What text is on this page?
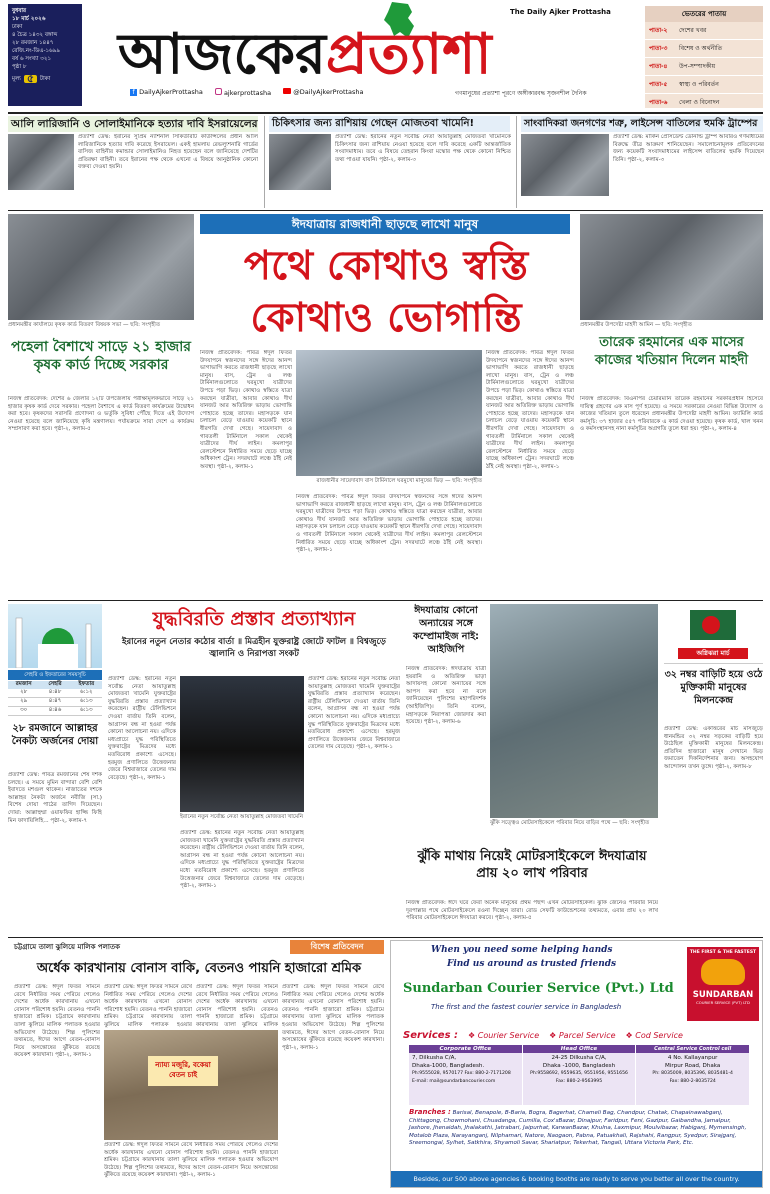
বুধবার
১৮ মার্চ ২০২৬
ঢাকা
৪ চৈত্র ১৪৩২ বঙ্গাব্দ
২৮ রমজান ১৪৪৭
রেজি.নং-ডিএ-১৬৯৯
বর্ষ ৬ সংখ্যা ৩২১
পৃষ্ঠা ৮
মূল্য ৫	টাকা আজকেরপ্রত্যাশা
The Daily Ajker Prottasha
f DailyAjkerProttasha	ajkerprottasha	@DailyAjkerProttasha	গণমানুষের প্রত্যাশা পূরণে অঙ্গীকারবদ্ধ সৃজনশীল দৈনিক
ভেতরের পাতায়
পাতা-২	দেশের খবর
পাতা-৩	বিশেষ ও অর্থনীতি
পাতা-৪	উপ-সম্পাদকীয়
পাতা-৫	স্বাস্থ্য ও পরিবর্তন
পাতা-৬	খেলা ও বিনোদন
আলি লারিজানি ও সোলাইমানিকে হত্যার দাবি ইসরায়েলের
প্রত্যাশা ডেস্ক: ইরানের সুপ্রিম ন্যাশনাল সিকিউরিটি কাউন্সিলের প্রধান আলি লারিজানিকে হত্যার দাবি করেছে ইসরায়েল। একই হামলায় রেভল্যুশনারি গার্ডের বাসিজ বাহিনীর কমান্ডার সোলাইমানিও নিহত হয়েছেন বলে জানিয়েছে দেশটির প্রতিরক্ষা বাহিনী। তবে ইরানের পক্ষ থেকে এখনো এ বিষয়ে আনুষ্ঠানিক কোনো বক্তব্য দেওয়া হয়নি।
চিকিৎসার জন্য রাশিয়ায় গেছেন মোজতবা খামেনি!
প্রত্যাশা ডেস্ক: ইরানের নতুন সর্বোচ্চ নেতা আয়াতুল্লাহ মোজতবা খামেনিকে চিকিৎসার জন্য রাশিয়ায় নেওয়া হয়েছে বলে দাবি করেছে একটি আন্তর্জাতিক সংবাদমাধ্যম। তবে এ বিষয়ে তেহরান কিংবা মস্কোর পক্ষ থেকে কোনো নিশ্চিত তথ্য পাওয়া যায়নি। পৃষ্ঠা-২, কলাম-৩
সাংবাদিকরা জনগণের শত্রু, লাইসেন্স বাতিলের হুমকি ট্রাম্পের
প্রত্যাশা ডেস্ক: মার্কিন প্রেসিডেন্ট ডোনাল্ড ট্রাম্প আবারও গণমাধ্যমের বিরুদ্ধে তীব্র আক্রমণ শানিয়েছেন। সমালোচনামূলক প্রতিবেদনের জন্য কয়েকটি সংবাদমাধ্যমের লাইসেন্স বাতিলের হুমকি দিয়েছেন তিনি। পৃষ্ঠা-২, কলাম-৩
ঈদযাত্রায় রাজধানী ছাড়ছে লাখো মানুষ
পথে কোথাও স্বস্তি
কোথাও ভোগান্তি
প্রধানমন্ত্রীর কার্যালয়ে কৃষক কার্ড বিতরণ বিষয়ক সভা — ছবি: সংগৃহীত
পহেলা বৈশাখে সাড়ে ২১ হাজার কৃষক কার্ড দিচ্ছে সরকার
নিজস্ব প্রতিবেদক: দেশের ৬ জেলার ১২টি উপজেলায় পরীক্ষামূলকভাবে সাড়ে ২১ হাজার কৃষক কার্ড দেবে সরকার। পহেলা বৈশাখে এ কার্ড বিতরণ কার্যক্রমের উদ্বোধন করা হবে। কৃষকদের সরাসরি প্রণোদনা ও ভর্তুকি সুবিধা পৌঁছে দিতে এই উদ্যোগ নেওয়া হয়েছে বলে জানিয়েছে কৃষি মন্ত্রণালয়। পর্যায়ক্রমে সারা দেশে এ কার্যক্রম সম্প্রসারণ করা হবে। পৃষ্ঠা-২, কলাম-৫
নিজস্ব প্রতিবেদক: পবিত্র ঈদুল ফিতর উদযাপনে স্বজনদের সঙ্গে ঈদের আনন্দ ভাগাভাগি করতে রাজধানী ছাড়ছে লাখো মানুষ। বাস, ট্রেন ও লঞ্চ টার্মিনালগুলোতে ঘরমুখো যাত্রীদের উপচে পড়া ভিড়। কোথাও স্বস্তিতে যাত্রা করছেন যাত্রীরা, আবার কোথাও দীর্ঘ যানজট আর অতিরিক্ত ভাড়ায় ভোগান্তি পোহাতে হচ্ছে তাদের। মহাসড়কে যান চলাচল বেড়ে যাওয়ায় কয়েকটি স্থানে ধীরগতি দেখা গেছে। সায়েদাবাদ ও গাবতলী টার্মিনালে সকাল থেকেই যাত্রীদের দীর্ঘ লাইন। কমলাপুর রেলস্টেশনে নির্ধারিত সময়ে ছেড়ে যাচ্ছে অধিকাংশ ট্রেন। সদরঘাটে লঞ্চে ঠাঁই নেই অবস্থা। পৃষ্ঠা-২, কলাম-১
রাজধানীর সায়েদাবাদ বাস টার্মিনালে ঘরমুখো মানুষের ভিড় — ছবি: সংগৃহীত
নিজস্ব প্রতিবেদক: পবিত্র ঈদুল ফিতর উদযাপনে স্বজনদের সঙ্গে ঈদের আনন্দ ভাগাভাগি করতে রাজধানী ছাড়ছে লাখো মানুষ। বাস, ট্রেন ও লঞ্চ টার্মিনালগুলোতে ঘরমুখো যাত্রীদের উপচে পড়া ভিড়। কোথাও স্বস্তিতে যাত্রা করছেন যাত্রীরা, আবার কোথাও দীর্ঘ যানজট আর অতিরিক্ত ভাড়ায় ভোগান্তি পোহাতে হচ্ছে তাদের। মহাসড়কে যান চলাচল বেড়ে যাওয়ায় কয়েকটি স্থানে ধীরগতি দেখা গেছে। সায়েদাবাদ ও গাবতলী টার্মিনালে সকাল থেকেই যাত্রীদের দীর্ঘ লাইন। কমলাপুর রেলস্টেশনে নির্ধারিত সময়ে ছেড়ে যাচ্ছে অধিকাংশ ট্রেন। সদরঘাটে লঞ্চে ঠাঁই নেই অবস্থা। পৃষ্ঠা-২, কলাম-১
নিজস্ব প্রতিবেদক: পবিত্র ঈদুল ফিতর উদযাপনে স্বজনদের সঙ্গে ঈদের আনন্দ ভাগাভাগি করতে রাজধানী ছাড়ছে লাখো মানুষ। বাস, ট্রেন ও লঞ্চ টার্মিনালগুলোতে ঘরমুখো যাত্রীদের উপচে পড়া ভিড়। কোথাও স্বস্তিতে যাত্রা করছেন যাত্রীরা, আবার কোথাও দীর্ঘ যানজট আর অতিরিক্ত ভাড়ায় ভোগান্তি পোহাতে হচ্ছে তাদের। মহাসড়কে যান চলাচল বেড়ে যাওয়ায় কয়েকটি স্থানে ধীরগতি দেখা গেছে। সায়েদাবাদ ও গাবতলী টার্মিনালে সকাল থেকেই যাত্রীদের দীর্ঘ লাইন। কমলাপুর রেলস্টেশনে নির্ধারিত সময়ে ছেড়ে যাচ্ছে অধিকাংশ ট্রেন। সদরঘাটে লঞ্চে ঠাঁই নেই অবস্থা। পৃষ্ঠা-২, কলাম-১
প্রধানমন্ত্রীর উপদেষ্টা মাহদী আমিন — ছবি: সংগৃহীত
তারেক রহমানের এক মাসের কাজের খতিয়ান দিলেন মাহদী
নিজস্ব প্রতিবেদক: বিএনপির চেয়ারম্যান তারেক রহমানের সরকারপ্রধান হিসেবে দায়িত্ব গ্রহণের এক মাস পূর্ণ হয়েছে। এ সময়ে সরকারের নেওয়া বিভিন্ন উদ্যোগ ও কাজের খতিয়ান তুলে ধরেছেন প্রধানমন্ত্রীর উপদেষ্টা মাহদী আমিন। ফ্যামিলি কার্ড কর্মসূচি: ৩৭ হাজার ৫৫৭ পরিবারকে এ কার্ড দেওয়া হয়েছে। কৃষক কার্ড, খাল খনন ও কর্মসংস্থানসহ নানা কর্মসূচির অগ্রগতি তুলে ধরা হয়। পৃষ্ঠা-২, কলাম-৪
সেহরি ও ইফতারের সময়সূচি
রমজান	সেহরি	ইফতার
২৮	৪:৪৮	৬:১২
২৯	৪:৪৭	৬:১৩
৩০	৪:৪৬	৬:১৩
২৮ রমজানে আল্লাহর নৈকট্য অর্জনের দোয়া
প্রত্যাশা ডেস্ক: পবিত্র রমজানের শেষ দশক চলছে। এ সময়ে মুমিন বান্দারা বেশি বেশি ইবাদতে মশগুল থাকেন। নাজাতের দশকে আল্লাহর নৈকট্য অর্জনে নবীজি (সা.) বিশেষ দোয়া পাঠের তাগিদ দিয়েছেন। দোয়া: আল্লাহুম্মা ওয়াফফির হাজ্জি ফিহি মিন ফাদায়িলিহি... পৃষ্ঠা-২, কলাম-৭
যুদ্ধবিরতি প্রস্তাব প্রত্যাখ্যান
ইরানের নতুন নেতার কঠোর বার্তা ॥ মিত্রহীন যুক্তরাষ্ট্র জোটে ফাটল ॥ বিশ্বজুড়ে জ্বালানি ও নিরাপত্তা সংকট
প্রত্যাশা ডেস্ক: ইরানের নতুন সর্বোচ্চ নেতা আয়াতুল্লাহ মোজতবা খামেনি যুক্তরাষ্ট্রের যুদ্ধবিরতি প্রস্তাব প্রত্যাখ্যান করেছেন। রাষ্ট্রীয় টেলিভিশনে দেওয়া বার্তায় তিনি বলেন, আগ্রাসন বন্ধ না হওয়া পর্যন্ত কোনো আলোচনা নয়। এদিকে মধ্যপ্রাচ্যে যুদ্ধ পরিস্থিতিতে যুক্তরাষ্ট্রের মিত্রদের মধ্যে মতবিরোধ প্রকাশ্যে এসেছে। হরমুজ প্রণালিতে উত্তেজনার জেরে বিশ্ববাজারে তেলের দাম বেড়েছে। পৃষ্ঠা-২, কলাম-১
ইরানের নতুন সর্বোচ্চ নেতা আয়াতুল্লাহ মোজতবা খামেনি
প্রত্যাশা ডেস্ক: ইরানের নতুন সর্বোচ্চ নেতা আয়াতুল্লাহ মোজতবা খামেনি যুক্তরাষ্ট্রের যুদ্ধবিরতি প্রস্তাব প্রত্যাখ্যান করেছেন। রাষ্ট্রীয় টেলিভিশনে দেওয়া বার্তায় তিনি বলেন, আগ্রাসন বন্ধ না হওয়া পর্যন্ত কোনো আলোচনা নয়। এদিকে মধ্যপ্রাচ্যে যুদ্ধ পরিস্থিতিতে যুক্তরাষ্ট্রের মিত্রদের মধ্যে মতবিরোধ প্রকাশ্যে এসেছে। হরমুজ প্রণালিতে উত্তেজনার জেরে বিশ্ববাজারে তেলের দাম বেড়েছে। পৃষ্ঠা-২, কলাম-১
প্রত্যাশা ডেস্ক: ইরানের নতুন সর্বোচ্চ নেতা আয়াতুল্লাহ মোজতবা খামেনি যুক্তরাষ্ট্রের যুদ্ধবিরতি প্রস্তাব প্রত্যাখ্যান করেছেন। রাষ্ট্রীয় টেলিভিশনে দেওয়া বার্তায় তিনি বলেন, আগ্রাসন বন্ধ না হওয়া পর্যন্ত কোনো আলোচনা নয়। এদিকে মধ্যপ্রাচ্যে যুদ্ধ পরিস্থিতিতে যুক্তরাষ্ট্রের মিত্রদের মধ্যে মতবিরোধ প্রকাশ্যে এসেছে। হরমুজ প্রণালিতে উত্তেজনার জেরে বিশ্ববাজারে তেলের দাম বেড়েছে। পৃষ্ঠা-২, কলাম-১
ঈদযাত্রায় কোনো অন্যায়ের সঙ্গে কম্প্রোমাইজ নাই: আইজিপি
নিজস্ব প্রতিবেদক: ঈদযাত্রায় যাত্রী হয়রানি ও অতিরিক্ত ভাড়া আদায়সহ কোনো অন্যায়ের সঙ্গে আপস করা হবে না বলে জানিয়েছেন পুলিশের মহাপরিদর্শক (আইজিপি)। তিনি বলেন, মহাসড়কে নিরাপত্তা জোরদার করা হয়েছে। পৃষ্ঠা-২, কলাম-৬
ঝুঁকি সত্ত্বেও মোটরসাইকেলে পরিবার নিয়ে বাড়ির পথে — ছবি: সংগৃহীত
ঝুঁকি মাথায় নিয়েই মোটরসাইকেলে ঈদযাত্রায় প্রায় ২০ লাখ পরিবার
নিজস্ব প্রতিবেদক: ঈদে ঘরে ফেরা অনেক মানুষের প্রথম পছন্দ এখন মোটরসাইকেল। ঝুঁকি জেনেও পরিবার নিয়ে দূরপাল্লার পথে মোটরসাইকেলে রওনা দিচ্ছেন তারা। রোড সেফটি ফাউন্ডেশনের তথ্যমতে, এবার প্রায় ২০ লাখ পরিবার মোটরসাইকেলে ঈদযাত্রা করবে। পৃষ্ঠা-২, কলাম-৫
অগ্নিঝরা মার্চ
৩২ নম্বর বাড়িটি হয়ে ওঠে মুক্তিকামী মানুষের মিলনকেন্দ্র
প্রত্যাশা ডেস্ক: একাত্তরের মার্চ মাসজুড়ে ধানমন্ডির ৩২ নম্বর সড়কের বাড়িটি হয়ে উঠেছিল মুক্তিকামী মানুষের মিলনকেন্দ্র। প্রতিদিন হাজারো মানুষ সেখানে ভিড় জমাতেন দিকনির্দেশনার জন্য। অসহযোগ আন্দোলন তখন তুঙ্গে। পৃষ্ঠা-২, কলাম-৮
চট্টগ্রামে তালা ঝুলিয়ে মালিক পলাতক	বিশেষ প্রতিবেদন
অর্ধেক কারখানায় বোনাস বাকি, বেতনও পায়নি হাজারো শ্রমিক
প্রত্যাশা ডেস্ক: ঈদুল ফিতর সামনে রেখে নির্ধারিত সময় পেরিয়ে গেলেও দেশের অর্ধেক কারখানায় এখনো বোনাস পরিশোধ হয়নি। বেতনও পাননি হাজারো শ্রমিক। চট্টগ্রামে কারখানায় তালা ঝুলিয়ে মালিক পলাতক হওয়ার অভিযোগ উঠেছে। শিল্প পুলিশের তথ্যমতে, ঈদের আগে বেতন-বোনাস নিয়ে অসন্তোষের ঝুঁকিতে রয়েছে কয়েকশ কারখানা। পৃষ্ঠা-২, কলাম-১
প্রত্যাশা ডেস্ক: ঈদুল ফিতর সামনে রেখে নির্ধারিত সময় পেরিয়ে গেলেও দেশের অর্ধেক কারখানায় এখনো বোনাস পরিশোধ হয়নি। বেতনও পাননি হাজারো শ্রমিক। চট্টগ্রামে কারখানায় তালা ঝুলিয়ে মালিক পলাতক হওয়ার
ন্যায্য মজুরি, বকেয়া বেতন চাই
প্রত্যাশা ডেস্ক: ঈদুল ফিতর সামনে রেখে নির্ধারিত সময় পেরিয়ে গেলেও দেশের অর্ধেক কারখানায় এখনো বোনাস পরিশোধ হয়নি। বেতনও পাননি হাজারো শ্রমিক। চট্টগ্রামে কারখানায় তালা ঝুলিয়ে মালিক পলাতক হওয়ার অভিযোগ উঠেছে। শিল্প পুলিশের তথ্যমতে, ঈদের আগে বেতন-বোনাস নিয়ে অসন্তোষের ঝুঁকিতে রয়েছে কয়েকশ কারখানা। পৃষ্ঠা-২, কলাম-১
প্রত্যাশা ডেস্ক: ঈদুল ফিতর সামনে রেখে নির্ধারিত সময় পেরিয়ে গেলেও দেশের অর্ধেক কারখানায় এখনো বোনাস পরিশোধ হয়নি। বেতনও পাননি হাজারো শ্রমিক। চট্টগ্রামে কারখানায় তালা ঝুলিয়ে মালিক
প্রত্যাশা ডেস্ক: ঈদুল ফিতর সামনে রেখে নির্ধারিত সময় পেরিয়ে গেলেও দেশের অর্ধেক কারখানায় এখনো বোনাস পরিশোধ হয়নি। বেতনও পাননি হাজারো শ্রমিক। চট্টগ্রামে কারখানায় তালা ঝুলিয়ে মালিক পলাতক হওয়ার অভিযোগ উঠেছে। শিল্প পুলিশের তথ্যমতে, ঈদের আগে বেতন-বোনাস নিয়ে অসন্তোষের ঝুঁকিতে রয়েছে কয়েকশ কারখানা। পৃষ্ঠা-২, কলাম-১
When you need some helping hands
Find us around as trusted friends
Sundarban Courier Service (Pvt.) Ltd
The first and the fastest courier service in Bangladesh
THE FIRST & THE FASTEST
SUNDARBAN
COURIER SERVICE (PVT) LTD
Services : ❖ Courier Service ❖ Parcel Service ❖ Cod Service
Corporate Office
7, Dilkusha C/A,
Dhaka-1000, Bangladesh.
Ph:9555028, 9570177 Fax: 880-2-7171208
E-mail: mail@sundarbancourier.com
Head Office
24-25 Dilkusha C/A,
Dhaka -1000, Bangladesh
Ph:9558692, 9559635, 9551956, 9551656
Fax: 880-2-9563995
Central Service Control cell
4 No. Kallayanpur
Mirpur Road, Dhaka
Ph: 8035009, 8035396, 8035481-4
Fax: 880-2-8035724
Branches : Barisal, Benapole, B-Baria, Bogra, Bagerhat, Chameli Bag, Chandpur, Chatak, Chapainawabganj, Chittagong, Chowmohani, Chuadanga, Cumilla, Cox'sBazar, Dinajpur, Faridpur, Feni, Gazipur, Gaibandha, Jamalpur, Jashore, Jhenaidah, Jhalakathi, Jatrabari, Jaipurhat, KarwanBazar, Khulna, Laxmipur, Moulvibazar, Habiganj, Mymensingh, Motalob Plaza, Narayanganj, Nilphamari, Natore, Naogaon, Pabna, Patuakhali, Rajshahi, Rangpur, Syedpur, Sirajganj, Sreemongal, Sylhet, Satkhira, Shyamoli Savar, Shariatpur, Tekerhat, Tangail, Uttara Victoria Park, Etc.
Besides, our 500 above agencies & booking booths are ready to serve you better all over the country.
